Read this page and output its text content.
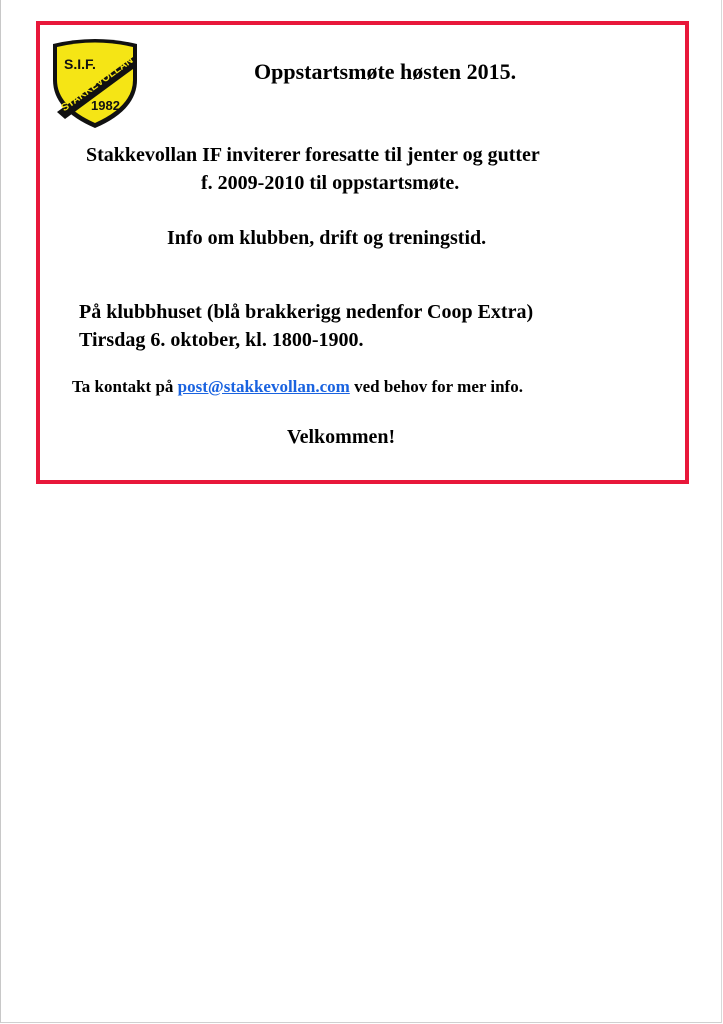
S.I.F.
STAKKEVOLLAN
1982
Oppstartsmøte høsten 2015.
Stakkevollan IF inviterer foresatte til jenter og gutter
f. 2009-2010 til oppstartsmøte.
Info om klubben, drift og treningstid.
På klubbhuset (blå brakkerigg nedenfor Coop Extra)
Tirsdag 6. oktober, kl. 1800-1900.
Ta kontakt på post@stakkevollan.com ved behov for mer info.
Velkommen!
